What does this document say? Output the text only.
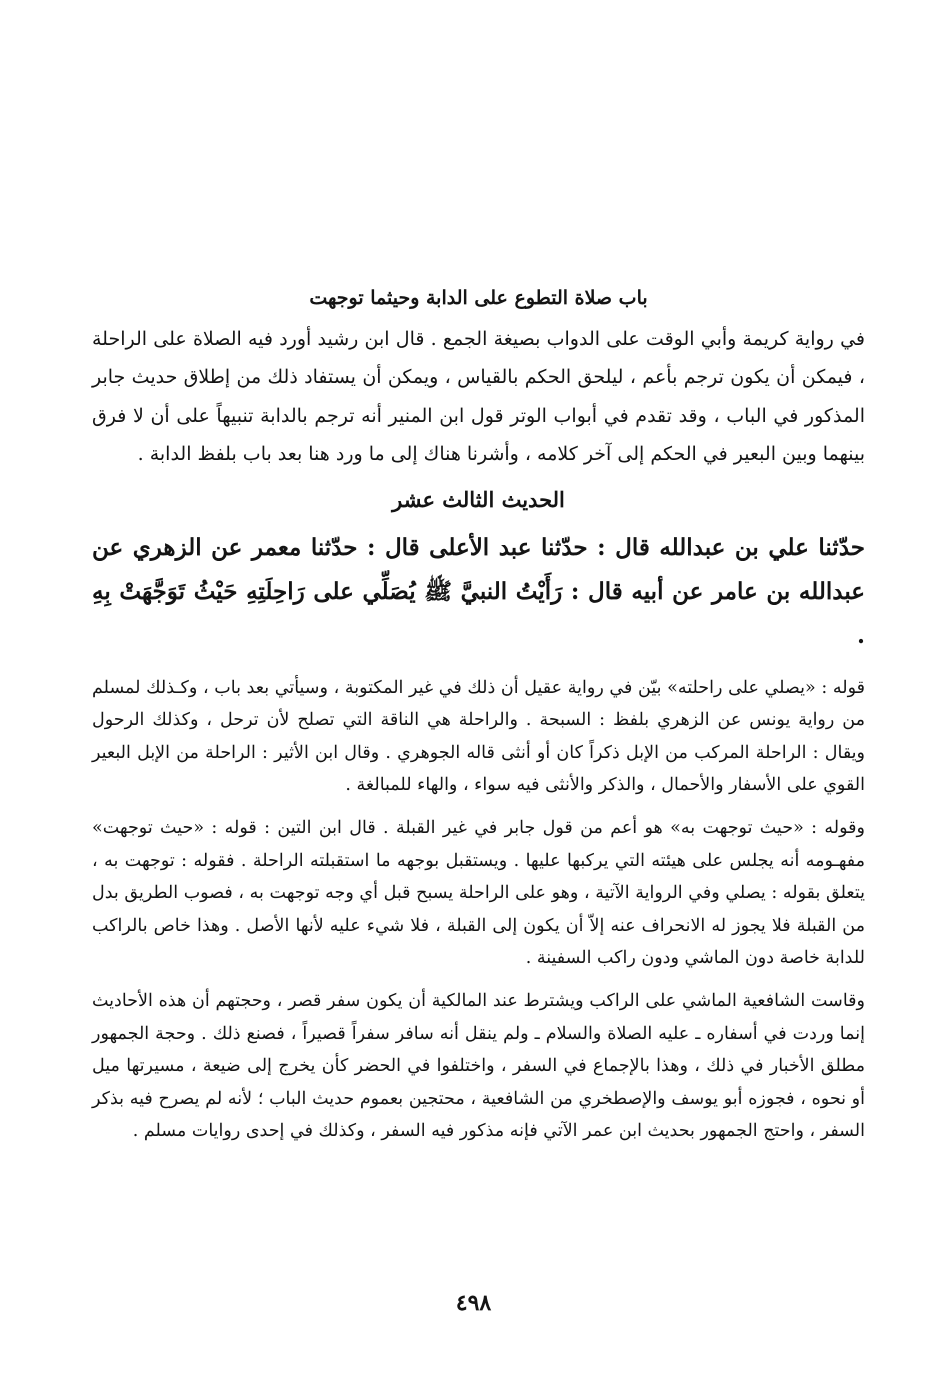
باب صلاة التطوع على الدابة وحيثما توجهت

في رواية كريمة وأبي الوقت على الدواب بصيغة الجمع . قال ابن رشيد أورد فيه الصلاة على الراحلة ، فيمكن أن يكون ترجم بأعم ، ليلحق الحكم بالقياس ، ويمكن أن يستفاد ذلك من إطلاق حديث جابر المذكور في الباب ، وقد تقدم في أبواب الوتر قول ابن المنير أنه ترجم بالدابة تنبيهاً على أن لا فرق بينهما وبين البعير في الحكم إلى آخر كلامه ، وأشرنا هناك إلى ما ورد هنا بعد باب بلفظ الدابة .

الحديث الثالث عشر

حدّثنا علي بن عبدالله قال : حدّثنا عبد الأعلى قال : حدّثنا معمر عن الزهري عن عبدالله بن عامر عن أبيه قال : رَأَيْتُ النبيَّ ﷺ يُصَلِّي على رَاحِلَتِهِ حَيْثُ تَوَجَّهَتْ بِهِ .

قوله : «يصلي على راحلته» بيّن في رواية عقيل أن ذلك في غير المكتوبة ، وسيأتي بعد باب ، وكـذلك لمسلم من رواية يونس عن الزهري بلفظ : السبحة . والراحلة هي الناقة التي تصلح لأن ترحل ، وكذلك الرحول ويقال : الراحلة المركب من الإبل ذكراً كان أو أنثى قاله الجوهري . وقال ابن الأثير : الراحلة من الإبل البعير القوي على الأسفار والأحمال ، والذكر والأنثى فيه سواء ، والهاء للمبالغة .

وقوله : «حيث توجهت به» هو أعم من قول جابر في غير القبلة . قال ابن التين : قوله : «حيث توجهت» مفهـومه أنه يجلس على هيئته التي يركبها عليها . ويستقبل بوجهه ما استقبلته الراحلة . فقوله : توجهت به ، يتعلق بقوله : يصلي وفي الرواية الآتية ، وهو على الراحلة يسبح قبل أي وجه توجهت به ، فصوب الطريق بدل من القبلة فلا يجوز له الانحراف عنه إلاّ أن يكون إلى القبلة ، فلا شيء عليه لأنها الأصل . وهذا خاص بالراكب للدابة خاصة دون الماشي ودون راكب السفينة .

وقاست الشافعية الماشي على الراكب ويشترط عند المالكية أن يكون سفر قصر ، وحجتهم أن هذه الأحاديث إنما وردت في أسفاره ـ عليه الصلاة والسلام ـ ولم ينقل أنه سافر سفراً قصيراً ، فصنع ذلك . وحجة الجمهور مطلق الأخبار في ذلك ، وهذا بالإجماع في السفر ، واختلفوا في الحضر كأن يخرج إلى ضيعة ، مسيرتها ميل أو نحوه ، فجوزه أبو يوسف والإصطخري من الشافعية ، محتجين بعموم حديث الباب ؛ لأنه لم يصرح فيه بذكر السفر ، واحتج الجمهور بحديث ابن عمر الآتي فإنه مذكور فيه السفر ، وكذلك في إحدى روايات مسلم .

٤٩٨
